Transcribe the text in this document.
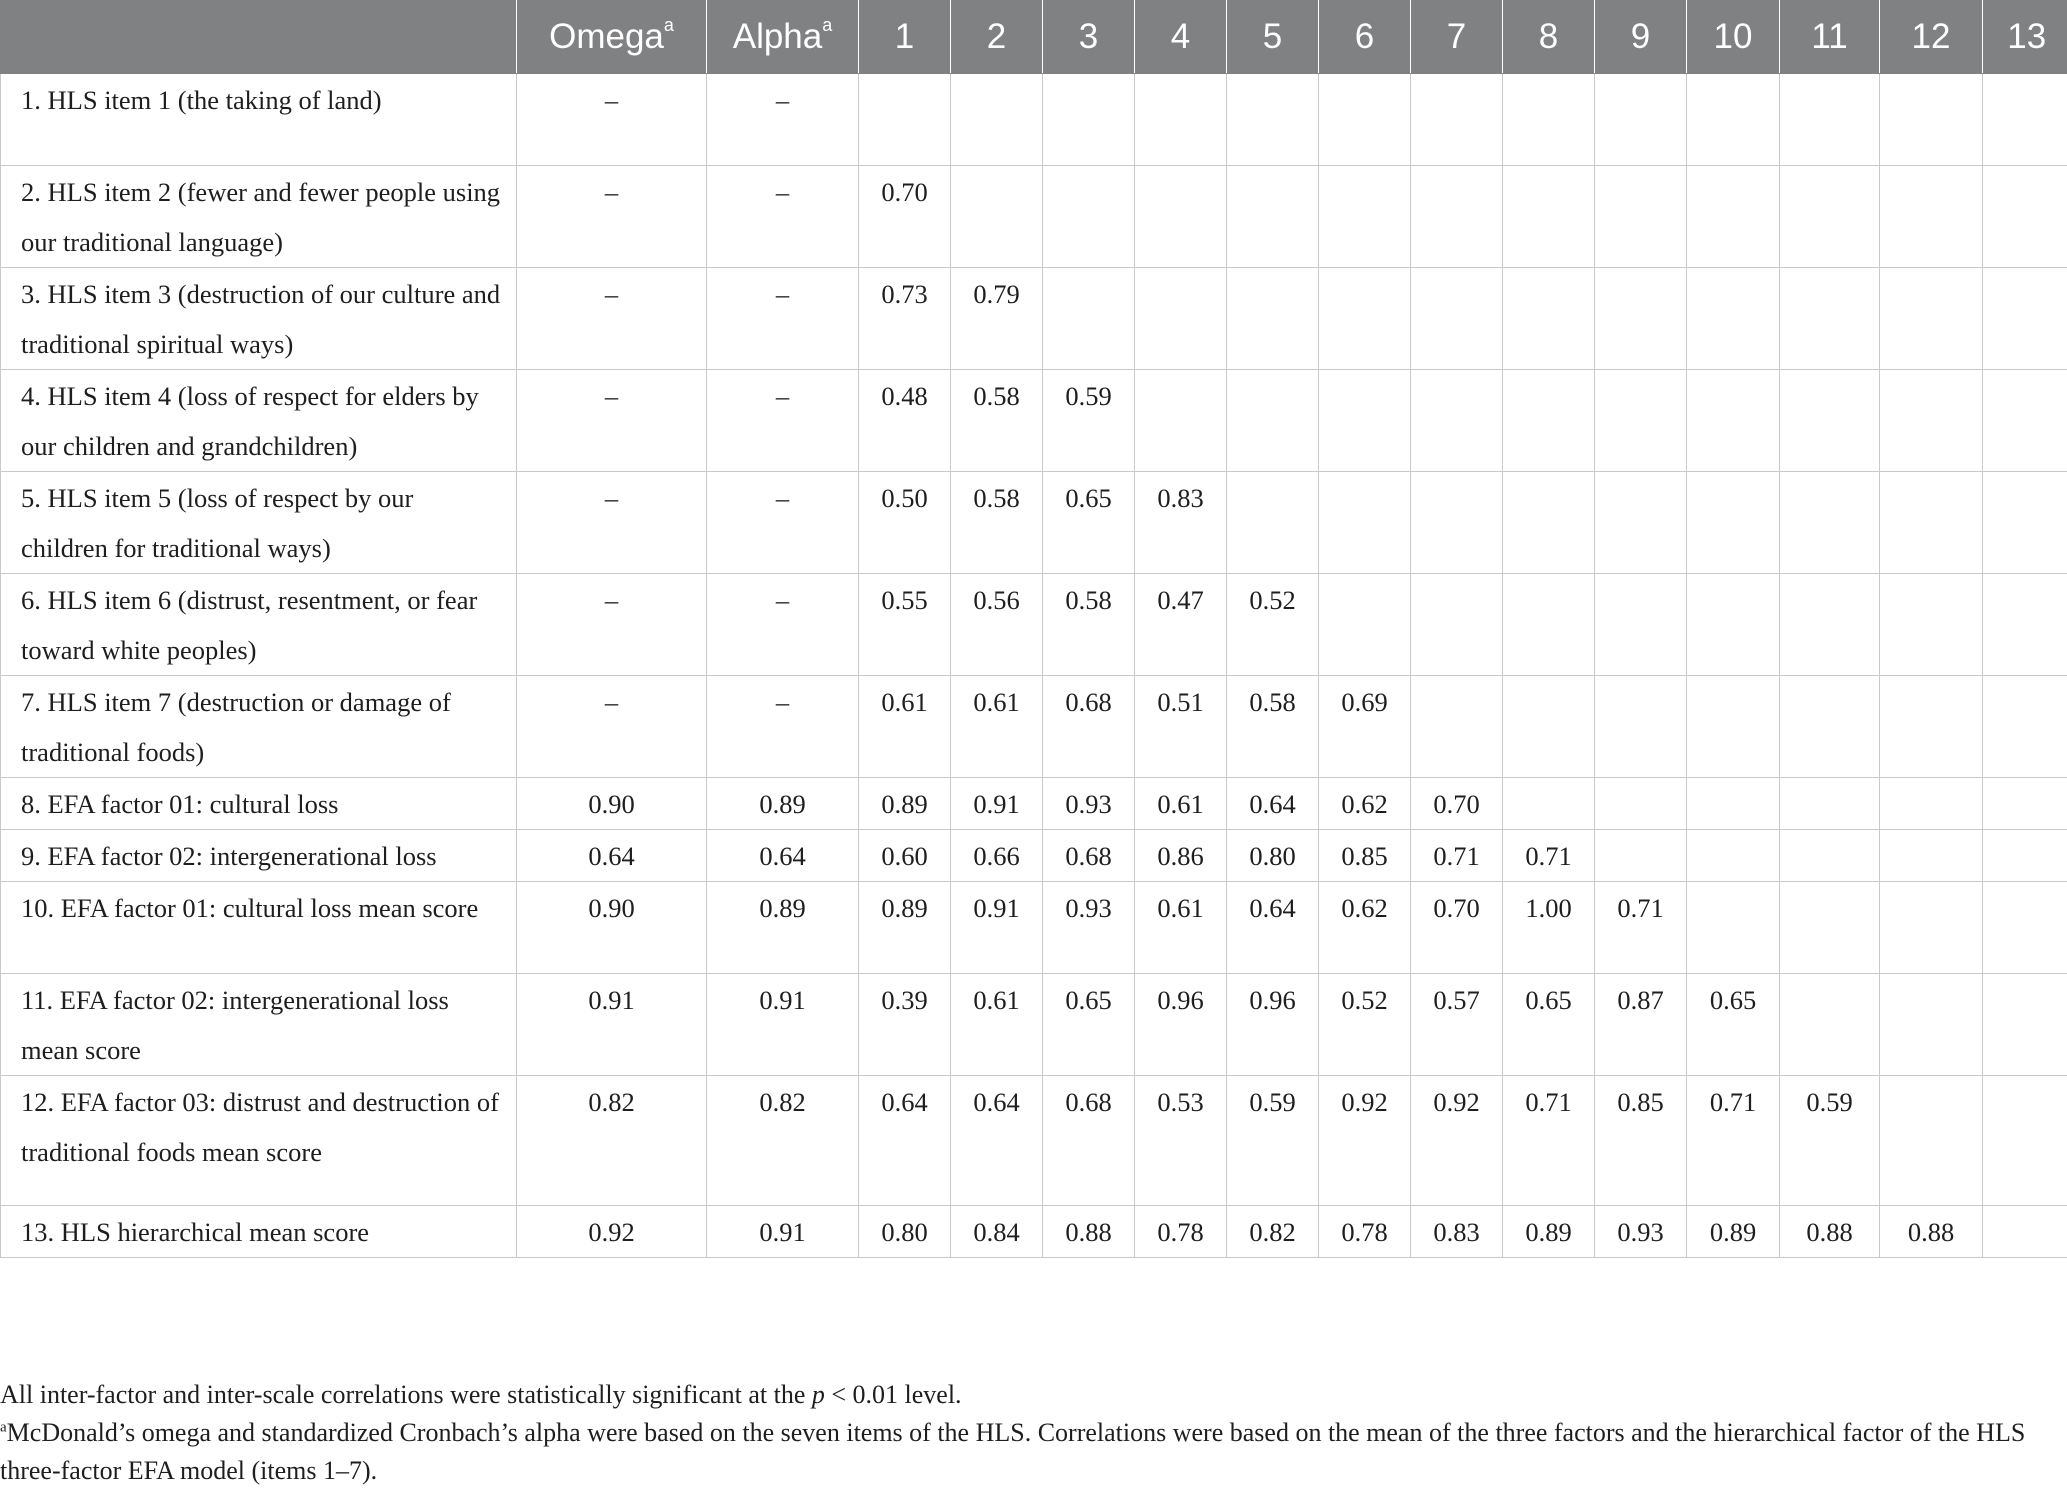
	Omega$^a$	Alpha$^a$	1	2	3	4	5	6	7	8	9	10	11	12	13

1. HLS item 1 (the taking of land)	–	–													

2. HLS item 2 (fewer and fewer people using our traditional language)	–	–	0.70												

3. HLS item 3 (destruction of our culture and traditional spiritual ways)	–	–	0.73	0.79											

4. HLS item 4 (loss of respect for elders by our children and grandchildren)	–	–	0.48	0.58	0.59										

5. HLS item 5 (loss of respect by our children for traditional ways)	–	–	0.50	0.58	0.65	0.83									

6. HLS item 6 (distrust, resentment, or fear toward white peoples)	–	–	0.55	0.56	0.58	0.47	0.52								

7. HLS item 7 (destruction or damage of traditional foods)	–	–	0.61	0.61	0.68	0.51	0.58	0.69							

8. EFA factor 01: cultural loss	0.90	0.89	0.89	0.91	0.93	0.61	0.64	0.62	0.70						

9. EFA factor 02: intergenerational loss	0.64	0.64	0.60	0.66	0.68	0.86	0.80	0.85	0.71	0.71					

10. EFA factor 01: cultural loss mean score	0.90	0.89	0.89	0.91	0.93	0.61	0.64	0.62	0.70	1.00	0.71				

11. EFA factor 02: intergenerational loss mean score	0.91	0.91	0.39	0.61	0.65	0.96	0.96	0.52	0.57	0.65	0.87	0.65			

12. EFA factor 03: distrust and destruction of traditional foods mean score	0.82	0.82	0.64	0.64	0.68	0.53	0.59	0.92	0.92	0.71	0.85	0.71	0.59		

13. HLS hierarchical mean score	0.92	0.91	0.80	0.84	0.88	0.78	0.82	0.78	0.83	0.89	0.93	0.89	0.88	0.88	

All inter-factor and inter-scale correlations were statistically significant at the p < 0.01 level.

$^a$McDonald’s omega and standardized Cronbach’s alpha were based on the seven items of the HLS. Correlations were based on the mean of the three factors and the hierarchical factor of the HLS three-factor EFA model (items 1–7).
